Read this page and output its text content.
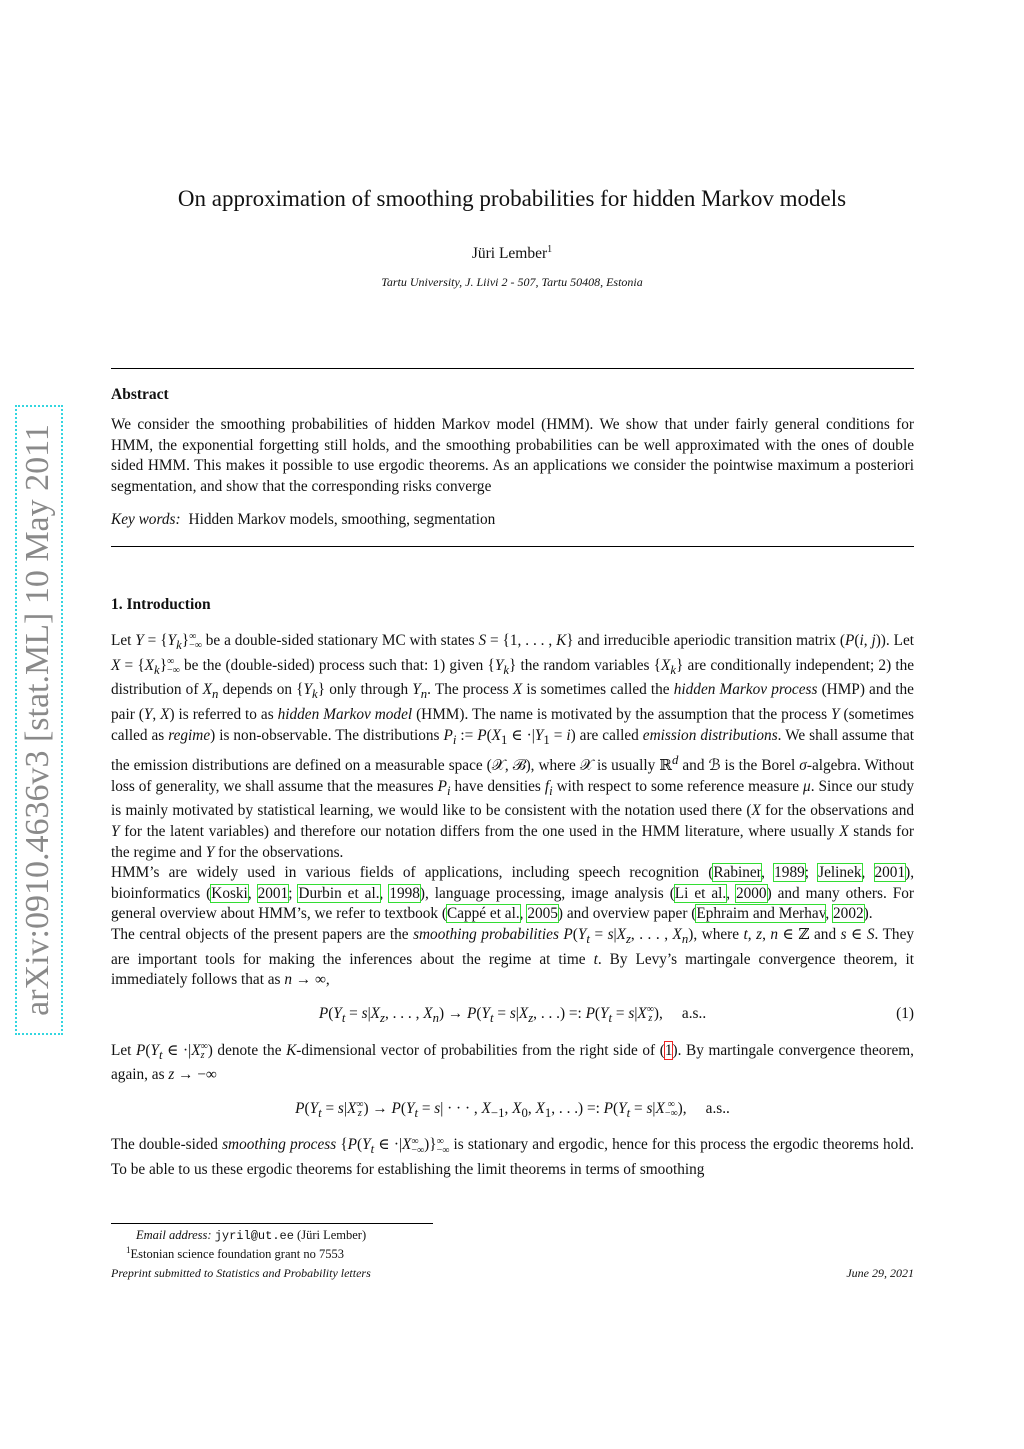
arXiv:0910.4636v3 [stat.ML] 10 May 2011
On approximation of smoothing probabilities for hidden Markov models
Jüri Lember$^1$
Tartu University, J. Liivi 2 - 507, Tartu 50408, Estonia
Abstract
We consider the smoothing probabilities of hidden Markov model (HMM). We show that under fairly general conditions for HMM, the exponential forgetting still holds, and the smoothing probabilities can be well approximated with the ones of double sided HMM. This makes it possible to use ergodic theorems. As an applications we consider the pointwise maximum a posteriori segmentation, and show that the corresponding risks converge
Key words: Hidden Markov models, smoothing, segmentation
1. Introduction

Let $Y = \{Y_k\}\infty$
−∞ be a double-sided stationary MC with states S = {1, . . . , K} and irreducible aperiodic transition matrix (P(i, j)). Let $X = \{X_k\}\infty$
−∞ be the (double-sided) process such that: 1) given $\{Y_k\}$ the random variables $\{X_k\}$ are conditionally independent; 2) the distribution of $X_n$ depends on $\{Y_k\}$ only through $Y_n$. The process X is sometimes called the hidden Markov process (HMP) and the pair (Y, X) is referred to as hidden Markov model (HMM). The name is motivated by the assumption that the process Y (sometimes called as regime) is non-observable. The distributions $P_i$ := $P(X_1$ ∈ $\cdot|Y_1 = i$) are called emission distributions. We shall assume that the emission distributions are defined on a measurable space (𝒳, ℬ), where 𝒳 is usually ℝ$^d$ and ℬ is the Borel σ-algebra. Without loss of generality, we shall assume that the measures $P_i$ have densities $f_i$ with respect to some reference measure μ. Since our study is mainly motivated by statistical learning, we would like to be consistent with the notation used there (X for the observations and Y for the latent variables) and therefore our notation differs from the one used in the HMM literature, where usually X stands for the regime and Y for the observations.

HMM’s are widely used in various fields of applications, including speech recognition (Rabiner, 1989; Jelinek, 2001), bioinformatics (Koski, 2001; Durbin et al., 1998), language processing, image analysis (Li et al., 2000) and many others. For general overview about HMM’s, we refer to textbook (Cappé et al., 2005) and overview paper (Ephraim and Merhav, 2002).

The central objects of the present papers are the smoothing probabilities $P(Y_t = s|X_z$, . . . , $X_n$), where t, z, n ∈ ℤ and s ∈ S. They are important tools for making the inferences about the regime at time t. By Levy’s martingale convergence theorem, it immediately follows that as n → ∞,

$P(Y_t = s|X_z$, . . . , $X_n) \to P(Y_t = s|X_z$, . . .) =: $P(Y_t = s|X\infty$
z ),     a.s..	(1)

Let $P(Y_t$ ∈ ·|X∞
z ) denote the K-dimensional vector of probabilities from the right side of (1). By martingale convergence theorem, again, as z → −∞

$P(Y_t = s|X\infty$
z ) → $P(Y_t = s|$ · · · , $X_{-1}$, $X_0$, $X_1$, . . .) =: $P(Y_t = s|X$ ∞
−∞),     a.s..

The double-sided smoothing process {$P(Y_t$ ∈ ·|X∞
−∞)}∞
−∞ is stationary and ergodic, hence for this process the ergodic theorems hold. To be able to us these ergodic theorems for establishing the limit theorems in terms of smoothing

Email address: jyril@ut.ee (Jüri Lember)
$^1$Estonian science foundation grant no 7553
Preprint submitted to Statistics and Probability letters	June 29, 2021
